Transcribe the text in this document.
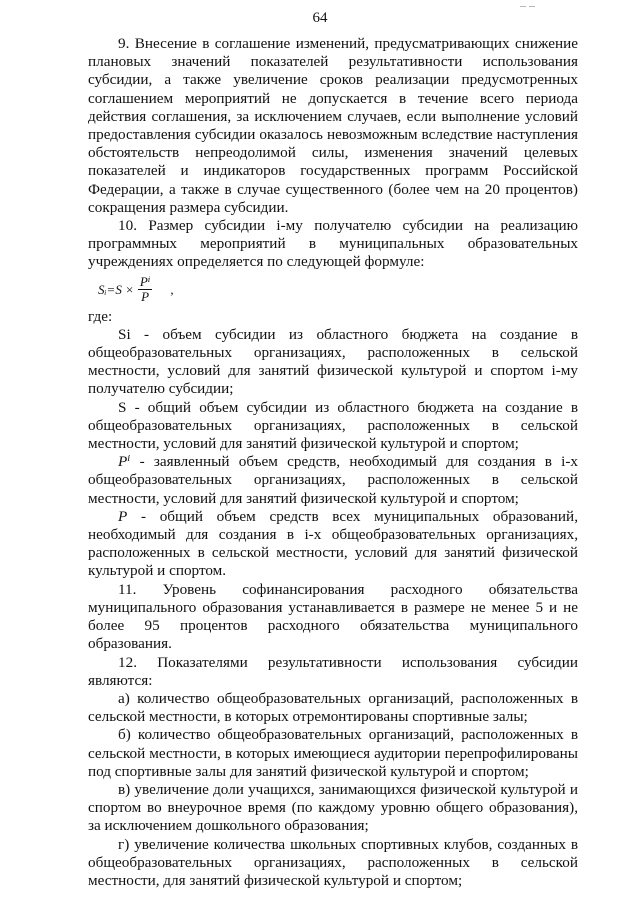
_ _
64

9. Внесение в соглашение изменений, предусматривающих снижение плановых значений показателей результативности использования субсидии, а также увеличение сроков реализации предусмотренных соглашением мероприятий не допускается в течение всего периода действия соглашения, за исключением случаев, если выполнение условий предоставления субсидии оказалось невозможным вследствие наступления обстоятельств непреодолимой силы, изменения значений целевых показателей и индикаторов государственных программ Российской Федерации, а также в случае существенного (более чем на 20 процентов) сокращения размера субсидии.

10. Размер субсидии i-му получателю субсидии на реализацию программных мероприятий в муниципальных образовательных учреждениях определяется по следующей формуле:

Sᵢ=S × $\frac{\text{Pⁱ}}{P}$ ,

где:

Si - объем субсидии из областного бюджета на создание в общеобразовательных организациях, расположенных в сельской местности, условий для занятий физической культурой и спортом i-му получателю субсидии;

S - общий объем субсидии из областного бюджета на создание в общеобразовательных организациях, расположенных в сельской местности, условий для занятий физической культурой и спортом;

Pⁱ - заявленный объем средств, необходимый для создания в i-х общеобразовательных организациях, расположенных в сельской местности, условий для занятий физической культурой и спортом;

P - общий объем средств всех муниципальных образований, необходимый для создания в i-х общеобразовательных организациях, расположенных в сельской местности, условий для занятий физической культурой и спортом.

11. Уровень софинансирования расходного обязательства муниципального образования устанавливается в размере не менее 5 и не более 95 процентов расходного обязательства муниципального образования.

12. Показателями результативности использования субсидии являются:

а) количество общеобразовательных организаций, расположенных в сельской местности, в которых отремонтированы спортивные залы;

б) количество общеобразовательных организаций, расположенных в сельской местности, в которых имеющиеся аудитории перепрофилированы под спортивные залы для занятий физической культурой и спортом;

в) увеличение доли учащихся, занимающихся физической культурой и спортом во внеурочное время (по каждому уровню общего образования), за исключением дошкольного образования;

г) увеличение количества школьных спортивных клубов, созданных в общеобразовательных организациях, расположенных в сельской местности, для занятий физической культурой и спортом;
